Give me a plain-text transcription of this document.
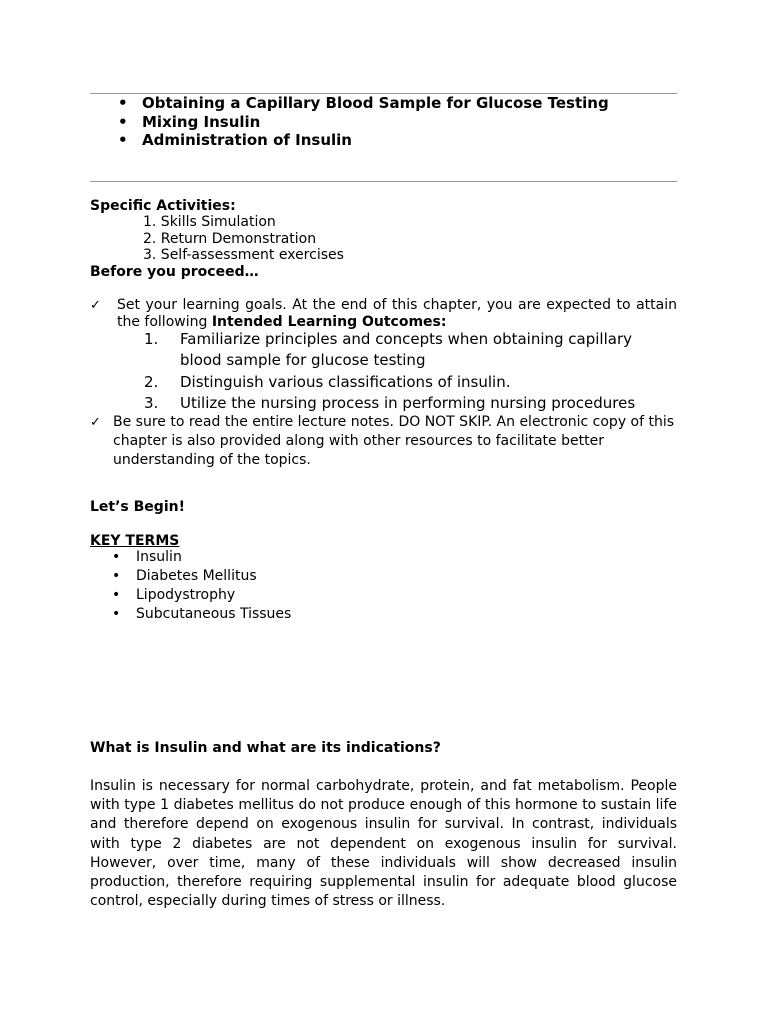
• Obtaining a Capillary Blood Sample for Glucose Testing
• Mixing Insulin
• Administration of Insulin
Specific Activities:
1. Skills Simulation
2. Return Demonstration
3. Self-assessment exercises
Before you proceed…
✓ Set your learning goals. At the end of this chapter, you are expected to attain the following Intended Learning Outcomes:
1. Familiarize principles and concepts when obtaining capillary blood sample for glucose testing
2. Distinguish various classifications of insulin.
3. Utilize the nursing process in performing nursing procedures
✓ Be sure to read the entire lecture notes. DO NOT SKIP. An electronic copy of this chapter is also provided along with other resources to facilitate better understanding of the topics.
Let’s Begin!
KEY TERMS
• Insulin
• Diabetes Mellitus
• Lipodystrophy
• Subcutaneous Tissues
What is Insulin and what are its indications?
Insulin is necessary for normal carbohydrate, protein, and fat metabolism. People with type 1 diabetes mellitus do not produce enough of this hormone to sustain life and therefore depend on exogenous insulin for survival. In contrast, individuals with type 2 diabetes are not dependent on exogenous insulin for survival. However, over time, many of these individuals will show decreased insulin production, therefore requiring supplemental insulin for adequate blood glucose control, especially during times of stress or illness.
